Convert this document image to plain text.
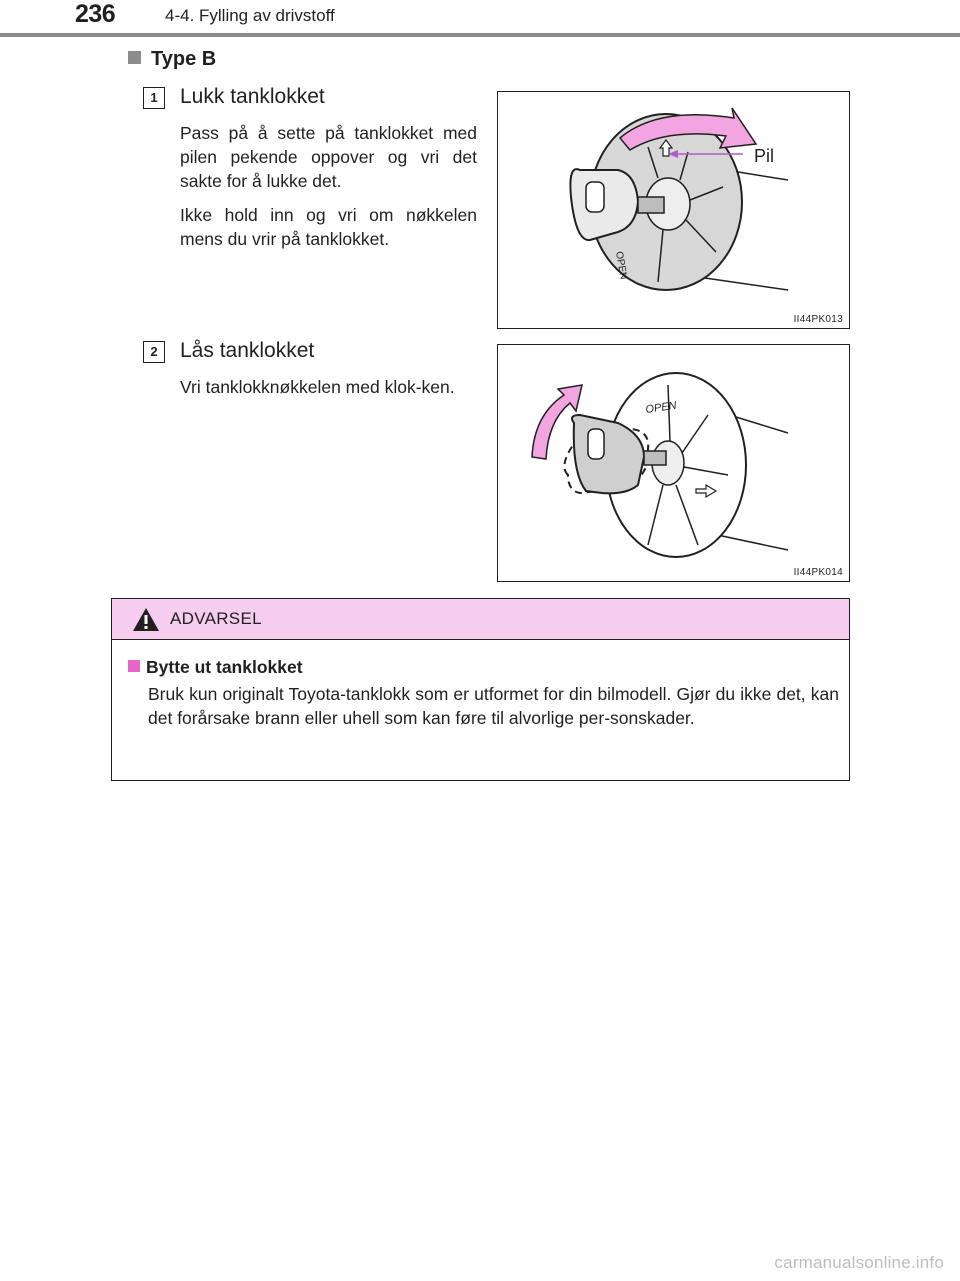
236	4-4. Fylling av drivstoff
Type B
1	Lukk tanklokket
Pass på å sette på tanklokket med pilen pekende oppover og vri det sakte for å lukke det.
Ikke hold inn og vri om nøkkelen mens du vrir på tanklokket.
OPEN
Pil
II44PK013
2	Lås tanklokket
Vri tanklokknøkkelen med klok-ken.
OPEN
II44PK014
ADVARSEL
Bytte ut tanklokket
Bruk kun originalt Toyota-tanklokk som er utformet for din bilmodell. Gjør du ikke det, kan det forårsake brann eller uhell som kan føre til alvorlige per-sonskader.
carmanualsonline.info
